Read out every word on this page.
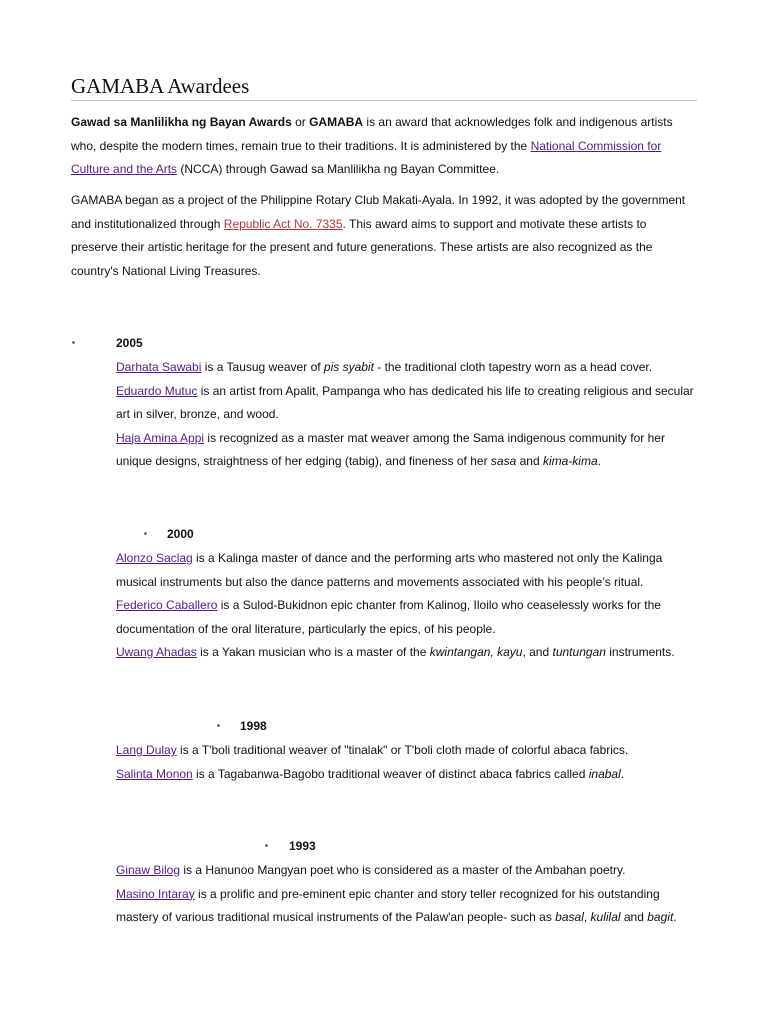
GAMABA Awardees

Gawad sa Manlilikha ng Bayan Awards or GAMABA is an award that acknowledges folk and indigenous artists who, despite the modern times, remain true to their traditions. It is administered by the National Commission for Culture and the Arts (NCCA) through Gawad sa Manlilikha ng Bayan Committee.

GAMABA began as a project of the Philippine Rotary Club Makati-Ayala. In 1992, it was adopted by the government and institutionalized through Republic Act No. 7335. This award aims to support and motivate these artists to preserve their artistic heritage for the present and future generations. These artists are also recognized as the country's National Living Treasures.

▪	2005

Darhata Sawabi is a Tausug weaver of pis syabit - the traditional cloth tapestry worn as a head cover.

Eduardo Mutuc is an artist from Apalit, Pampanga who has dedicated his life to creating religious and secular art in silver, bronze, and wood.

Haja Amina Appi is recognized as a master mat weaver among the Sama indigenous community for her unique designs, straightness of her edging (tabig), and fineness of her sasa and kima-kima.

▪ 2000

Alonzo Saclag is a Kalinga master of dance and the performing arts who mastered not only the Kalinga musical instruments but also the dance patterns and movements associated with his people’s ritual.

Federico Caballero is a Sulod-Bukidnon epic chanter from Kalinog, Iloilo who ceaselessly works for the documentation of the oral literature, particularly the epics, of his people.

Uwang Ahadas is a Yakan musician who is a master of the kwintangan, kayu, and tuntungan instruments.

▪ 1998

Lang Dulay is a T'boli traditional weaver of "tinalak" or T'boli cloth made of colorful abaca fabrics.

Salinta Monon is a Tagabanwa-Bagobo traditional weaver of distinct abaca fabrics called inabal.

▪ 1993

Ginaw Bilog is a Hanunoo Mangyan poet who is considered as a master of the Ambahan poetry.

Masino Intaray is a prolific and pre-eminent epic chanter and story teller recognized for his outstanding mastery of various traditional musical instruments of the Palaw'an people- such as basal, kulilal and bagit.
